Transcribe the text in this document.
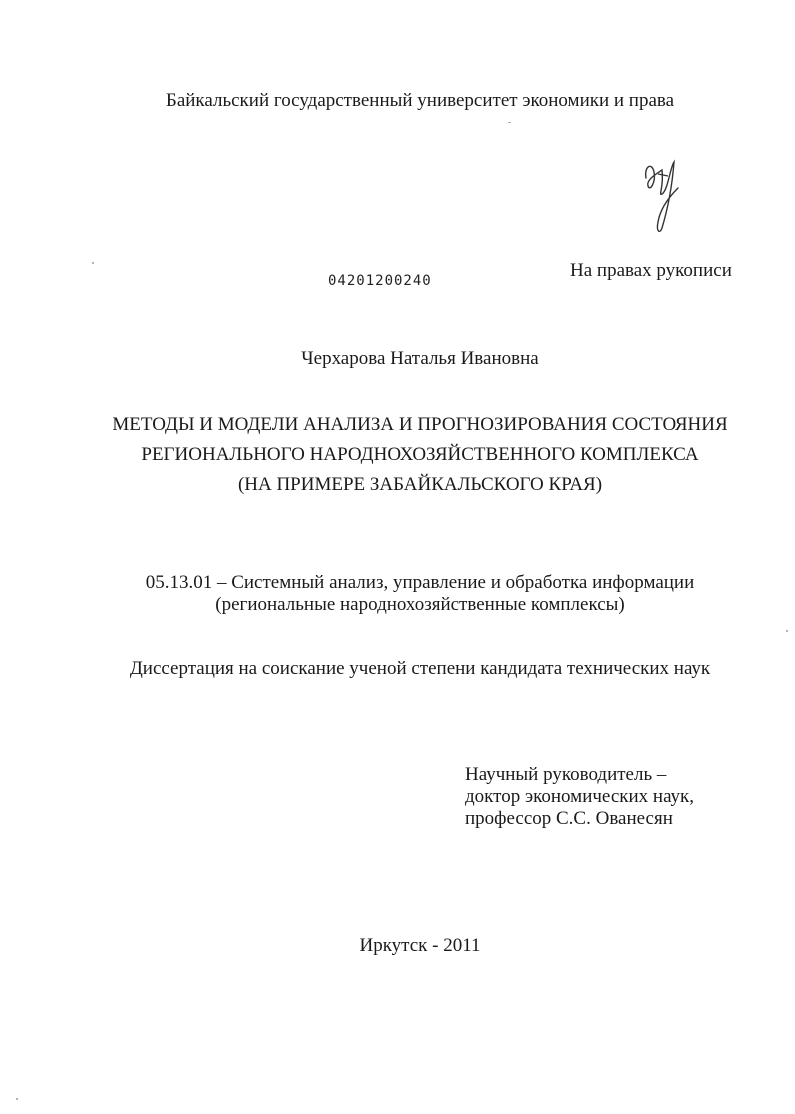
Байкальский государственный университет экономики и права
04201200240	На правах рукописи
Черхарова Наталья Ивановна
МЕТОДЫ И МОДЕЛИ АНАЛИЗА И ПРОГНОЗИРОВАНИЯ СОСТОЯНИЯ
РЕГИОНАЛЬНОГО НАРОДНОХОЗЯЙСТВЕННОГО КОМПЛЕКСА
(НА ПРИМЕРЕ ЗАБАЙКАЛЬСКОГО КРАЯ)
05.13.01 – Системный анализ, управление и обработка информации
(региональные народнохозяйственные комплексы)
Диссертация на соискание ученой степени кандидата технических наук
Научный руководитель –
доктор экономических наук,
профессор С.С. Ованесян
Иркутск - 2011
